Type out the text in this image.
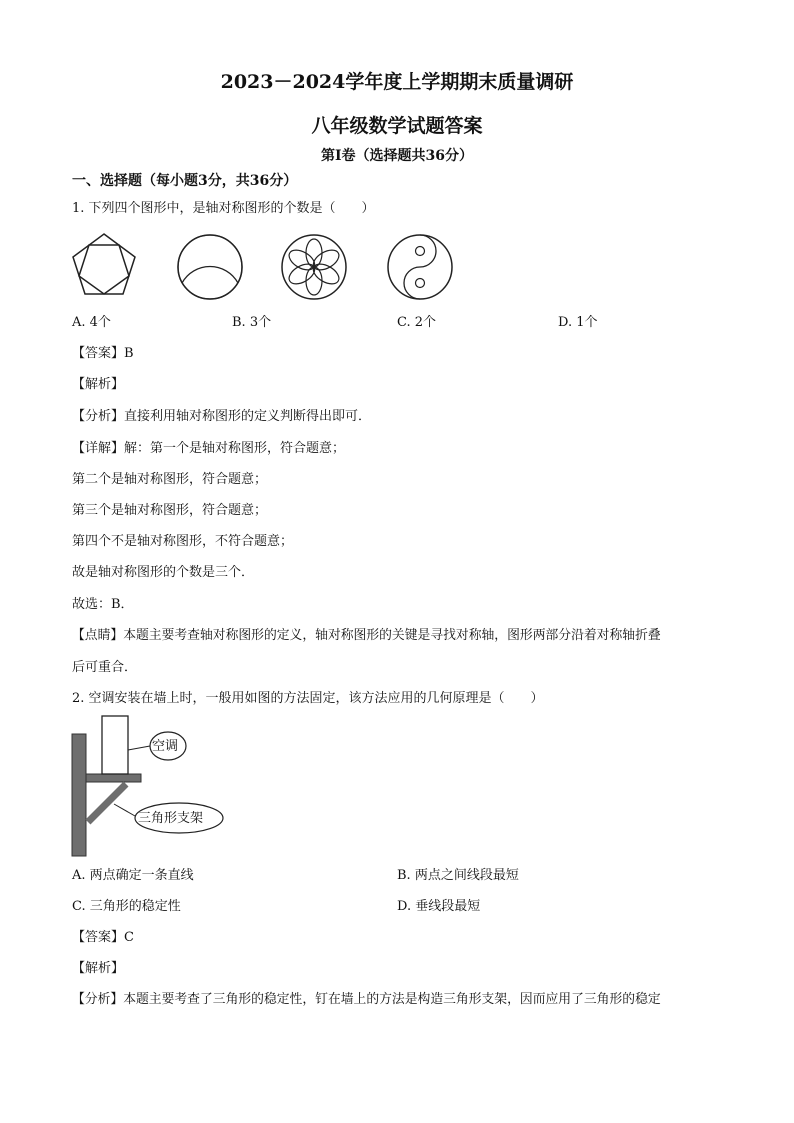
2023－2024学年度上学期期末质量调研
八年级数学试题答案
第Ⅰ卷（选择题共36分）
一、选择题（每小题3分，共36分）
1. 下列四个图形中，是轴对称图形的个数是（　　）
A. 4个	B. 3个	C. 2个	D. 1个
【答案】B
【解析】
【分析】直接利用轴对称图形的定义判断得出即可．
【详解】解：第一个是轴对称图形，符合题意；
第二个是轴对称图形，符合题意；
第三个是轴对称图形，符合题意；
第四个不是轴对称图形，不符合题意；
故是轴对称图形的个数是三个．
故选：B．
【点睛】本题主要考查轴对称图形的定义，轴对称图形的关键是寻找对称轴，图形两部分沿着对称轴折叠
后可重合．
2. 空调安装在墙上时，一般用如图的方法固定，该方法应用的几何原理是（　　）
空调
三角形支架
A. 两点确定一条直线	B. 两点之间线段最短
C. 三角形的稳定性	D. 垂线段最短
【答案】C
【解析】
【分析】本题主要考查了三角形的稳定性，钉在墙上的方法是构造三角形支架，因而应用了三角形的稳定
